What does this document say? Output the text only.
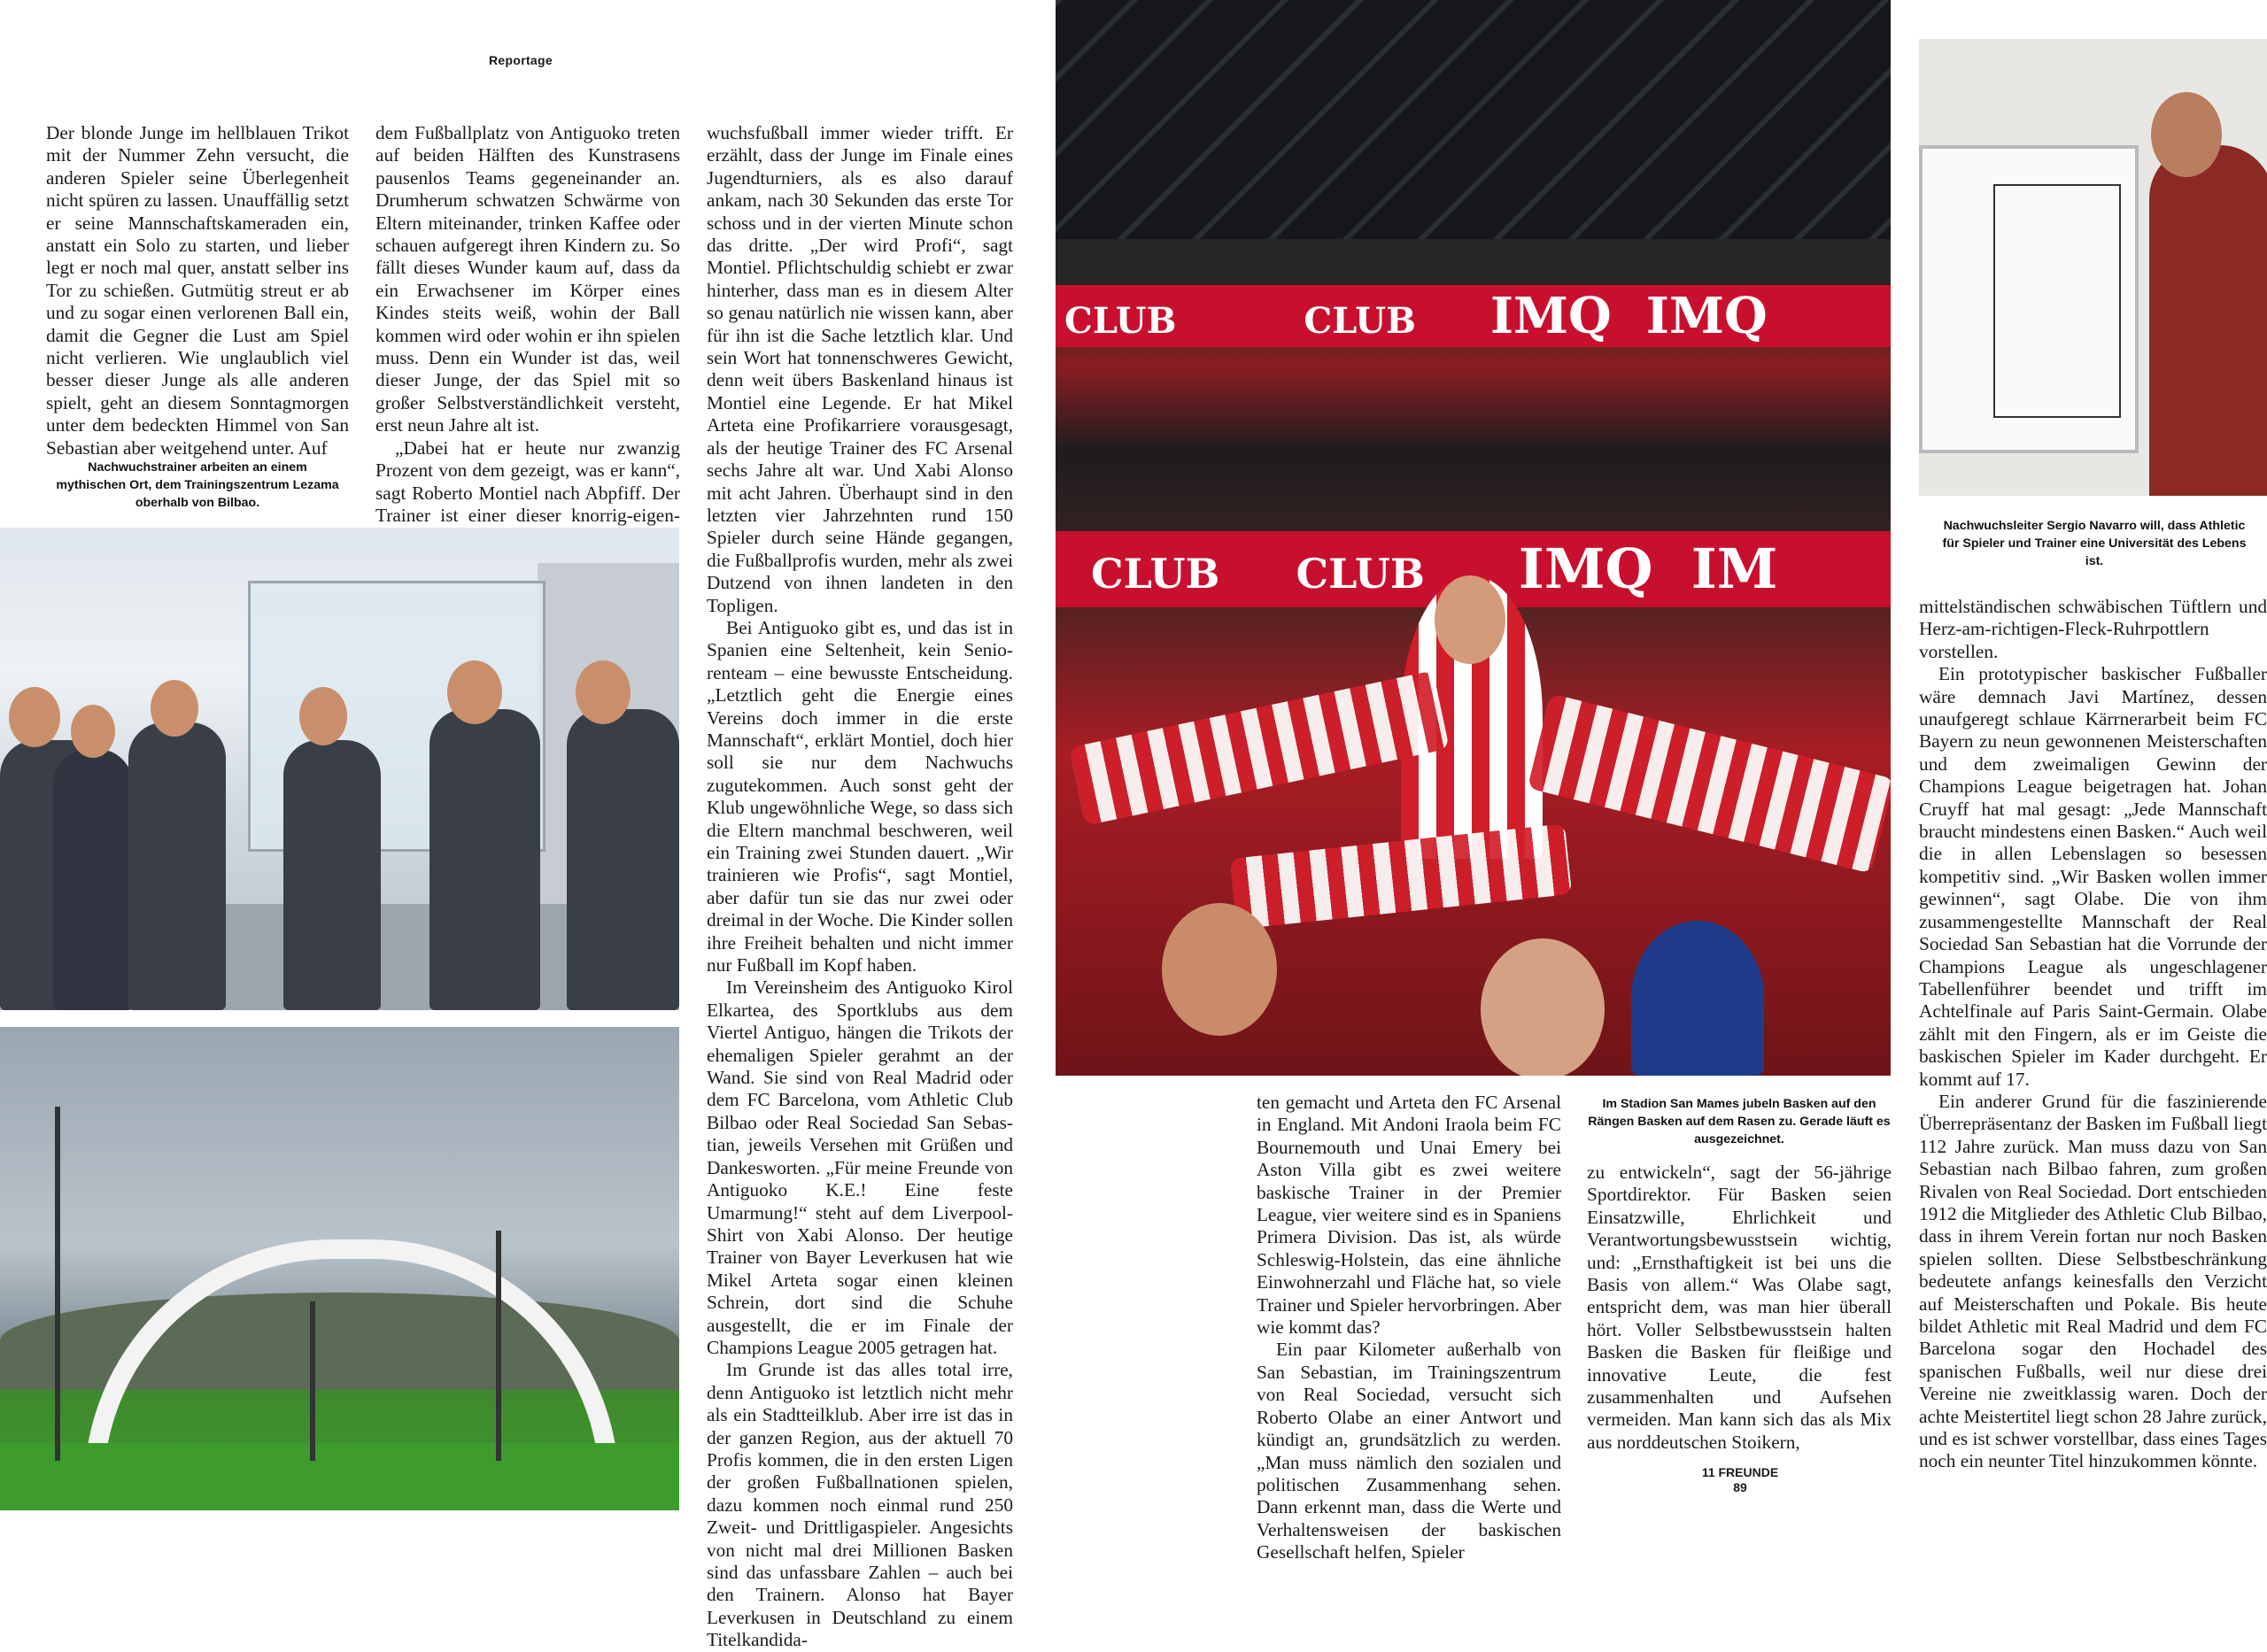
Reportage

Der blonde Junge im hellblauen Trikot mit der Nummer Zehn versucht, die anderen Spieler seine Überlegenheit nicht spüren zu lassen. Unauffällig setzt er seine Mannschaftskameraden ein, anstatt ein Solo zu starten, und lieber legt er noch mal quer, anstatt selber ins Tor zu schießen. Gutmütig streut er ab und zu sogar einen verlorenen Ball ein, damit die Gegner die Lust am Spiel nicht verlieren. Wie unglaublich viel besser dieser Junge als alle anderen spielt, geht an diesem Sonntagmorgen unter dem bedeckten Himmel von San Sebastian aber weitgehend unter. Auf

Nachwuchstrainer arbeiten an einem mythischen Ort, dem Trainingszentrum Lezama oberhalb von Bilbao.

dem Fußballplatz von Antiguoko treten auf beiden Hälften des Kunstrasens pausenlos Teams gegeneinander an. Drumherum schwatzen Schwärme von Eltern miteinander, trinken Kaffee oder schauen aufgeregt ihren Kindern zu. So fällt dieses Wunder kaum auf, dass da ein Erwachsener im Körper eines Kindes steits weiß, wohin der Ball kommen wird oder wohin er ihn spielen muss. Denn ein Wunder ist das, weil dieser Junge, der das Spiel mit so großer Selbstverständlichkeit versteht, erst neun Jahre alt ist.

„Dabei hat er heute nur zwanzig Prozent von dem gezeigt, was er kann“, sagt Roberto Montiel nach Abpfiff. Der Trainer ist einer dieser knorrig-eigen

wuchsfußball immer wieder trifft. Er erzählt, dass der Junge im Finale eines Jugendturniers, als es also darauf ankam, nach 30 Sekunden das erste Tor schoss und in der vierten Minute schon das dritte. „Der wird Profi“, sagt Montiel. Pflichtschuldig schiebt er zwar hinterher, dass man es in diesem Alter so genau natürlich nie wissen kann, aber für ihn ist die Sache letztlich klar. Und sein Wort hat tonnenschweres Gewicht, denn weit übers Baskenland hinaus ist Montiel eine Legende. Er hat Mikel Arteta eine Profikarriere vorausgesagt, als der heutige Trainer des FC Arsenal sechs Jahre alt war. Und Xabi Alonso mit acht Jahren. Überhaupt sind in den letzten vier Jahrzehnten rund 150 Spieler durch seine Hände gegangen, die Fußballprofis wurden, mehr als zwei Dutzend von ihnen landeten in den Topligen.

Bei Antiguoko gibt es, und das ist in Spanien eine Seltenheit, kein Seniorenteam – eine bewusste Entscheidung. „Letztlich geht die Energie eines Vereins doch immer in die erste Mannschaft“, erklärt Montiel, doch hier soll sie nur dem Nachwuchs zugutekommen. Auch sonst geht der Klub ungewöhnliche Wege, so dass sich die Eltern manchmal beschweren, weil ein Training zwei Stunden dauert. „Wir trainieren wie Profis“, sagt Montiel, aber dafür tun sie das nur zwei oder dreimal in der Woche. Die Kinder sollen ihre Freiheit behalten und nicht immer nur Fußball im Kopf haben.

Im Vereinsheim des Antiguoko Kirol Elkartea, des Sportklubs aus dem Viertel Antiguo, hängen die Trikots der ehemaligen Spieler gerahmt an der Wand. Sie sind von Real Madrid oder dem FC Barcelona, vom Athletic Club Bilbao oder Real Sociedad San Sebastian, jeweils Versehen mit Grüßen und Dankesworten. „Für meine Freunde von Antiguoko K.E.! Eine feste Umarmung!“ steht auf dem Liverpool-Shirt von Xabi Alonso. Der heutige Trainer von Bayer Leverkusen hat wie Mikel Arteta sogar einen kleinen Schrein, dort sind die Schuhe ausgestellt, die er im Finale der Champions League 2005 getragen hat.

Im Grunde ist das alles total irre, denn Antiguoko ist letztlich nicht mehr als ein Stadtteilklub. Aber irre ist das in der ganzen Region, aus der aktuell 70 Profis kommen, die in den ersten Ligen der großen Fußballnationen spielen, dazu kommen noch einmal rund 250 Zweit- und Drittligaspieler. Angesichts von nicht mal drei Millionen Basken sind das unfassbare Zahlen – auch bei den Trainern. Alonso hat Bayer Leverkusen in Deutschland zu einem Titelkandida-

CLUB	CLUB IMQ  IMQ
CLUB CLUB IMQ  IM
Nachwuchsleiter Sergio Navarro will, dass Athletic für Spieler und Trainer eine Universität des Lebens ist.

mittelständischen schwäbischen Tüftlern und Herz-am-richtigen-Fleck-Ruhrpottlern vorstellen.

Ein prototypischer baskischer Fußballer wäre demnach Javi Martínez, dessen unaufgeregt schlaue Kärrnerarbeit beim FC Bayern zu neun gewonnenen Meisterschaften und dem zweimaligen Gewinn der Champions League beigetragen hat. Johan Cruyff hat mal gesagt: „Jede Mannschaft braucht mindestens einen Basken.“ Auch weil die in allen Lebenslagen so besessen kompetitiv sind. „Wir Basken wollen immer gewinnen“, sagt Olabe. Die von ihm zusammengestellte Mannschaft der Real Sociedad San Sebastian hat die Vorrunde der Champions League als ungeschlagener Tabellenführer beendet und trifft im Achtelfinale auf Paris Saint-Germain. Olabe zählt mit den Fingern, als er im Geiste die baskischen Spieler im Kader durchgeht. Er kommt auf 17.

Ein anderer Grund für die faszinierende Überrepräsentanz der Basken im Fußball liegt 112 Jahre zurück. Man muss dazu von San Sebastian nach Bilbao fahren, zum großen Rivalen von Real Sociedad. Dort entschieden 1912 die Mitglieder des Athletic Club Bilbao, dass in ihrem Verein fortan nur noch Basken spielen sollten. Diese Selbstbeschränkung bedeutete anfangs keinesfalls den Verzicht auf Meisterschaften und Pokale. Bis heute bildet Athletic mit Real Madrid und dem FC Barcelona sogar den Hochadel des spanischen Fußballs, weil nur diese drei Vereine nie zweitklassig waren. Doch der achte Meistertitel liegt schon 28 Jahre zurück, und es ist schwer vorstellbar, dass eines Tages noch ein neunter Titel hinzukommen könnte.

ten gemacht und Arteta den FC Arsenal in England. Mit Andoni Iraola beim FC Bournemouth und Unai Emery bei Aston Villa gibt es zwei weitere baskische Trainer in der Premier League, vier weitere sind es in Spaniens Primera Division. Das ist, als würde Schleswig-Holstein, das eine ähnliche Einwohnerzahl und Fläche hat, so viele Trainer und Spieler hervorbringen. Aber wie kommt das?

Ein paar Kilometer außerhalb von San Sebastian, im Trainingszentrum von Real Sociedad, versucht sich Roberto Olabe an einer Antwort und kündigt an, grundsätzlich zu werden. „Man muss nämlich den sozialen und politischen Zusammenhang sehen. Dann erkennt man, dass die Werte und Verhaltensweisen der baskischen Gesellschaft helfen, Spieler

Im Stadion San Mames jubeln Basken auf den Rängen Basken auf dem Rasen zu. Gerade läuft es ausgezeichnet.

zu entwickeln“, sagt der 56-jährige Sportdirektor. Für Basken seien Einsatzwille, Ehrlichkeit und Verantwortungsbewusstsein wichtig, und: „Ernsthaftigkeit ist bei uns die Basis von allem.“ Was Olabe sagt, entspricht dem, was man hier überall hört. Voller Selbstbewusstsein halten Basken die Basken für fleißige und innovative Leute, die fest zusammenhalten und Aufsehen vermeiden. Man kann sich das als Mix aus norddeutschen Stoikern,

11 FREUNDE
89
